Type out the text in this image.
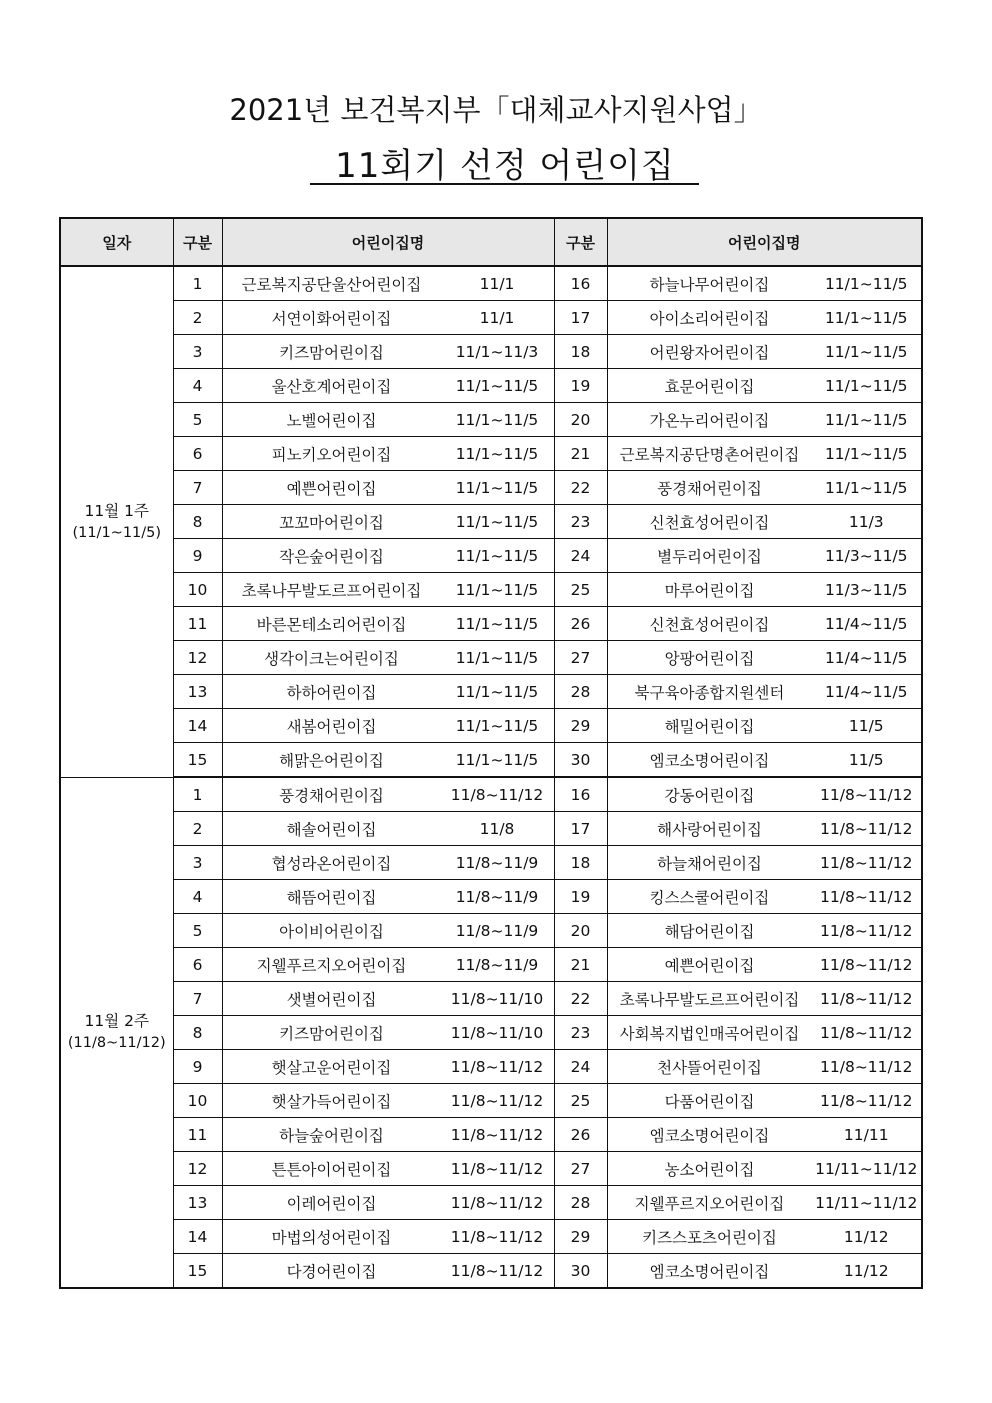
2021년 보건복지부「대체교사지원사업」
11회기 선정 어린이집
일자	구분	어린이집명	구분	어린이집명

11월 1주
(11/1~11/5)	1	근로복지공단울산어린이집 11/1	16	하늘나무어린이집 11/1~11/5

	2	서연이화어린이집 11/1	17	아이소리어린이집 11/1~11/5

	3	키즈맘어린이집 11/1~11/3	18	어린왕자어린이집 11/1~11/5

	4	울산호계어린이집 11/1~11/5	19	효문어린이집 11/1~11/5

	5	노벨어린이집 11/1~11/5	20	가온누리어린이집 11/1~11/5

	6	피노키오어린이집 11/1~11/5	21	근로복지공단명촌어린이집 11/1~11/5

	7	예쁜어린이집 11/1~11/5	22	풍경채어린이집 11/1~11/5

	8	꼬꼬마어린이집 11/1~11/5	23	신천효성어린이집 11/3

	9	작은숲어린이집 11/1~11/5	24	별두리어린이집 11/3~11/5

	10	초록나무발도르프어린이집 11/1~11/5	25	마루어린이집 11/3~11/5

	11	바른몬테소리어린이집 11/1~11/5	26	신천효성어린이집 11/4~11/5

	12	생각이크는어린이집 11/1~11/5	27	앙팡어린이집 11/4~11/5

	13	하하어린이집 11/1~11/5	28	북구육아종합지원센터 11/4~11/5

	14	새봄어린이집 11/1~11/5	29	해밀어린이집 11/5

	15	해맑은어린이집 11/1~11/5	30	엠코소명어린이집 11/5

11월 2주
(11/8~11/12)	1	풍경채어린이집 11/8~11/12	16	강동어린이집 11/8~11/12

	2	해솔어린이집 11/8	17	해사랑어린이집 11/8~11/12

	3	협성라온어린이집 11/8~11/9	18	하늘채어린이집 11/8~11/12

	4	해뜸어린이집 11/8~11/9	19	킹스스쿨어린이집 11/8~11/12

	5	아이비어린이집 11/8~11/9	20	해담어린이집 11/8~11/12

	6	지웰푸르지오어린이집 11/8~11/9	21	예쁜어린이집 11/8~11/12

	7	샛별어린이집 11/8~11/10	22	초록나무발도르프어린이집 11/8~11/12

	8	키즈맘어린이집 11/8~11/10	23	사회복지법인매곡어린이집 11/8~11/12

	9	햇살고운어린이집 11/8~11/12	24	천사뜰어린이집 11/8~11/12

	10	햇살가득어린이집 11/8~11/12	25	다품어린이집 11/8~11/12

	11	하늘숲어린이집 11/8~11/12	26	엠코소명어린이집 11/11

	12	튼튼아이어린이집 11/8~11/12	27	농소어린이집 11/11~11/12

	13	이레어린이집 11/8~11/12	28	지웰푸르지오어린이집 11/11~11/12

	14	마법의성어린이집 11/8~11/12	29	키즈스포츠어린이집 11/12

	15	다경어린이집 11/8~11/12	30	엠코소명어린이집 11/12
